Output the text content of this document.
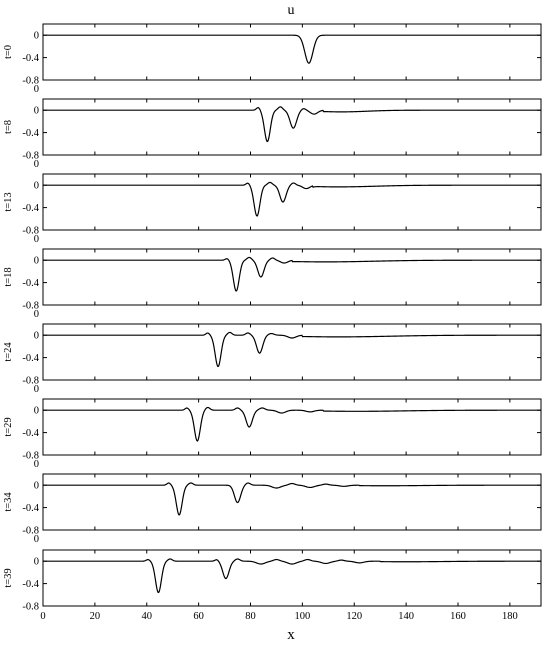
u
0
-0.4
-0.8
t=0
0
0
-0.4
-0.8
t=8
0
0
-0.4
-0.8
t=13
0
0
-0.4
-0.8
t=18
0
0
-0.4
-0.8
t=24
0
0
-0.4
-0.8
t=29
0
0
-0.4
-0.8
t=34
0
0
-0.4
-0.8
t=39
0	20	40	60	80	100	120	140	160	180
x
